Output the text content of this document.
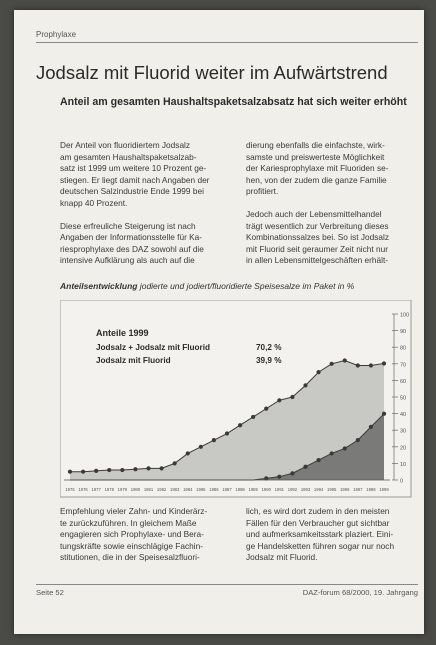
Prophylaxe
Jodsalz mit Fluorid weiter im Aufwärtstrend
Anteil am gesamten Haushaltspaketsalzabsatz hat sich weiter erhöht

Der Anteil von fluoridiertem Jodsalz
am gesamten Haushaltspaketsalzab-
satz ist 1999 um weitere 10 Prozent ge-
stiegen. Er liegt damit nach Angaben der
deutschen Salzindustrie Ende 1999 bei
knapp 40 Prozent.

Diese erfreuliche Steigerung ist nach
Angaben der Informationsstelle für Ka-
riesprophylaxe des DAZ sowohl auf die
intensive Aufklärung als auch auf die

dierung ebenfalls die einfachste, wirk-
samste und preiswerteste Möglichkeit
der Kariesprophylaxe mit Fluoriden se-
hen, von der zudem die ganze Familie
profitiert.

Jedoch auch der Lebensmittelhandel
trägt wesentlich zur Verbreitung dieses
Kombinationssalzes bei. So ist Jodsalz
mit Fluorid seit geraumer Zeit nicht nur
in allen Lebensmittelgeschäften erhält-

Anteilsentwicklung jodierte und jodiert/fluoridierte Speisesalze im Paket in %
0
10
20
30
40
50
60
70
80
90
100
1975 1976 1977 1978 1979 1980 1981 1982 1983 1984 1985 1986 1987 1988 1989 1990 1991 1992 1993 1994 1995 1996 1997 1998 1999
Anteile 1999
Jodsalz + Jodsalz mit Fluorid	70,2 %
Jodsalz mit Fluorid	39,9 %

Empfehlung vieler Zahn- und Kinderärz-
te zurückzuführen. In gleichem Maße
engagieren sich Prophylaxe- und Bera-
tungskräfte sowie einschlägige Fachin-
stitutionen, die in der Speisesalzfluori-

lich, es wird dort zudem in den meisten
Fällen für den Verbraucher gut sichtbar
und aufmerksamkeitsstark plaziert. Eini-
ge Handelsketten führen sogar nur noch
Jodsalz mit Fluorid.

Seite 52	DAZ-forum 68/2000, 19. Jahrgang
